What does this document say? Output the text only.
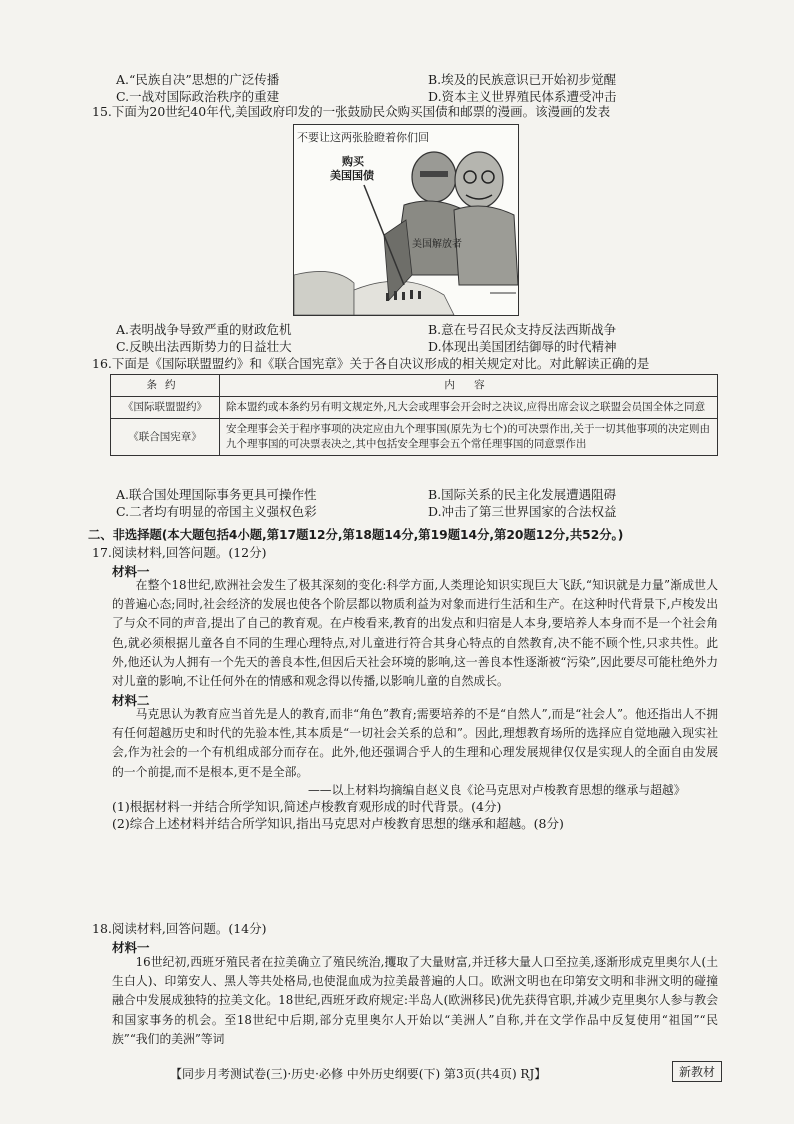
A.“民族自决”思想的广泛传播	B.埃及的民族意识已开始初步觉醒
C.一战对国际政治秩序的重建	D.资本主义世界殖民体系遭受冲击
15.下面为20世纪40年代,美国政府印发的一张鼓励民众购买国债和邮票的漫画。该漫画的发表
不要让这两张脸瞪着你们回
购买
美国国债
美国解放者
A.表明战争导致严重的财政危机	B.意在号召民众支持反法西斯战争
C.反映出法西斯势力的日益壮大	D.体现出美国团结御辱的时代精神
16.下面是《国际联盟盟约》和《联合国宪章》关于各自决议形成的相关规定对比。对此解读正确的是
条约	内 容
《国际联盟盟约》	除本盟约或本条约另有明文规定外,凡大会或理事会开会时之决议,应得出席会议之联盟会员国全体之同意
《联合国宪章》	安全理事会关于程序事项的决定应由九个理事国(原先为七个)的可决票作出,关于一切其他事项的决定则由九个理事国的可决票表决之,其中包括安全理事会五个常任理事国的同意票作出
A.联合国处理国际事务更具可操作性	B.国际关系的民主化发展遭遇阻碍
C.二者均有明显的帝国主义强权色彩	D.冲击了第三世界国家的合法权益
二、非选择题(本大题包括4小题,第17题12分,第18题14分,第19题14分,第20题12分,共52分。)
17.阅读材料,回答问题。(12分)
材料一

在整个18世纪,欧洲社会发生了极其深刻的变化:科学方面,人类理论知识实现巨大飞跃,“知识就是力量”渐成世人的普遍心态;同时,社会经济的发展也使各个阶层都以物质利益为对象而进行生活和生产。在这种时代背景下,卢梭发出了与众不同的声音,提出了自己的教育观。在卢梭看来,教育的出发点和归宿是人本身,要培养人本身而不是一个社会角色,就必须根据儿童各自不同的生理心理特点,对儿童进行符合其身心特点的自然教育,决不能不顾个性,只求共性。此外,他还认为人拥有一个先天的善良本性,但因后天社会环境的影响,这一善良本性逐渐被“污染”,因此要尽可能杜绝外力对儿童的影响,不让任何外在的情感和观念得以传播,以影响儿童的自然成长。

材料二

马克思认为教育应当首先是人的教育,而非“角色”教育;需要培养的不是“自然人”,而是“社会人”。他还指出人不拥有任何超越历史和时代的先验本性,其本质是“一切社会关系的总和”。因此,理想教育场所的选择应自觉地融入现实社会,作为社会的一个有机组成部分而存在。此外,他还强调合乎人的生理和心理发展规律仅仅是实现人的全面自由发展的一个前提,而不是根本,更不是全部。

——以上材料均摘编自赵义良《论马克思对卢梭教育思想的继承与超越》
(1)根据材料一并结合所学知识,简述卢梭教育观形成的时代背景。(4分)
(2)综合上述材料并结合所学知识,指出马克思对卢梭教育思想的继承和超越。(8分)
18.阅读材料,回答问题。(14分)
材料一

16世纪初,西班牙殖民者在拉美确立了殖民统治,攫取了大量财富,并迁移大量人口至拉美,逐渐形成克里奥尔人(土生白人)、印第安人、黑人等共处格局,也使混血成为拉美最普遍的人口。欧洲文明也在印第安文明和非洲文明的碰撞融合中发展成独特的拉美文化。18世纪,西班牙政府规定:半岛人(欧洲移民)优先获得官职,并减少克里奥尔人参与教会和国家事务的机会。至18世纪中后期,部分克里奥尔人开始以“美洲人”自称,并在文学作品中反复使用“祖国”“民族”“我们的美洲”等词

【同步月考测试卷(三)·历史·必修 中外历史纲要(下) 第3页(共4页) RJ】	新教材
